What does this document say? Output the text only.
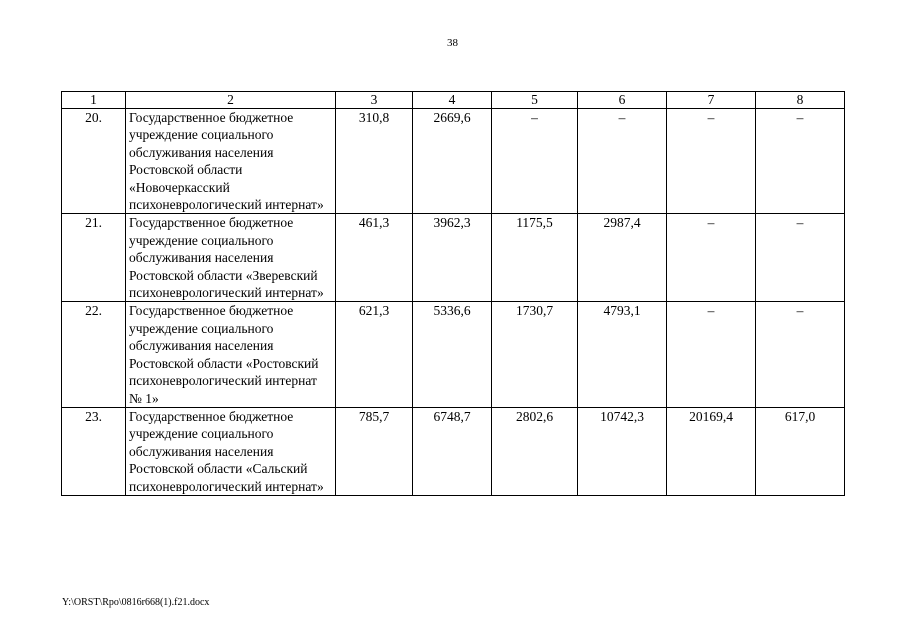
38
1	2	3	4	5	6	7	8
20.	Государственное бюджетное учреждение социального обслуживания населения Ростовской области «Новочеркасский психоневрологический интернат»	310,8	2669,6	–	–	–	–
21.	Государственное бюджетное учреждение социального обслуживания населения Ростовской области «Зверевский психоневрологический интернат»	461,3	3962,3	1175,5	2987,4	–	–
22.	Государственное бюджетное учреждение социального обслуживания населения Ростовской области «Ростовский психоневрологический интернат № 1»	621,3	5336,6	1730,7	4793,1	–	–
23.	Государственное бюджетное учреждение социального обслуживания населения Ростовской области «Сальский психоневрологический интернат»	785,7	6748,7	2802,6	10742,3	20169,4	617,0
Y:\ORST\Rpo\0816r668(1).f21.docx
